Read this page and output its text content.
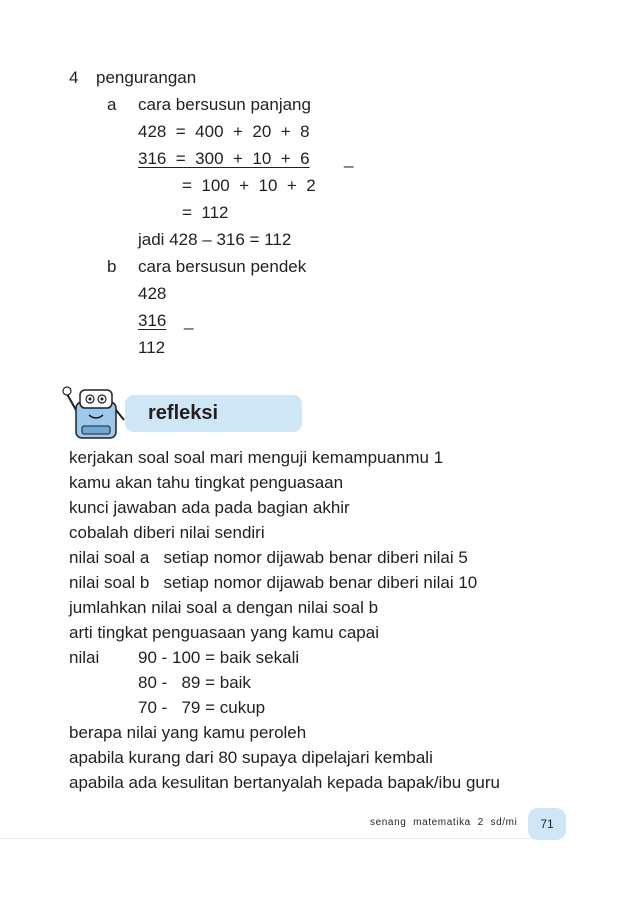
4 pengurangan
a cara bersusun panjang
428  =  400  +  20  +  8
316  =  300  +  10  +  6 _
=  100  +  10  +  2
=  112
jadi 428 – 316 = 112
b cara bersusun pendek
428
316 _
112
refleksi
kerjakan soal soal mari menguji kemampuanmu 1
kamu akan tahu tingkat penguasaan
kunci jawaban ada pada bagian akhir
cobalah diberi nilai sendiri
nilai soal a   setiap nomor dijawab benar diberi nilai 5
nilai soal b   setiap nomor dijawab benar diberi nilai 10
jumlahkan nilai soal a dengan nilai soal b
arti tingkat penguasaan yang kamu capai
nilai 90 - 100 = baik sekali
80 -   89 = baik
70 -   79 = cukup
berapa nilai yang kamu peroleh
apabila kurang dari 80 supaya dipelajari kembali
apabila ada kesulitan bertanyalah kepada bapak/ibu guru
senang  matematika  2  sd/mi	71
